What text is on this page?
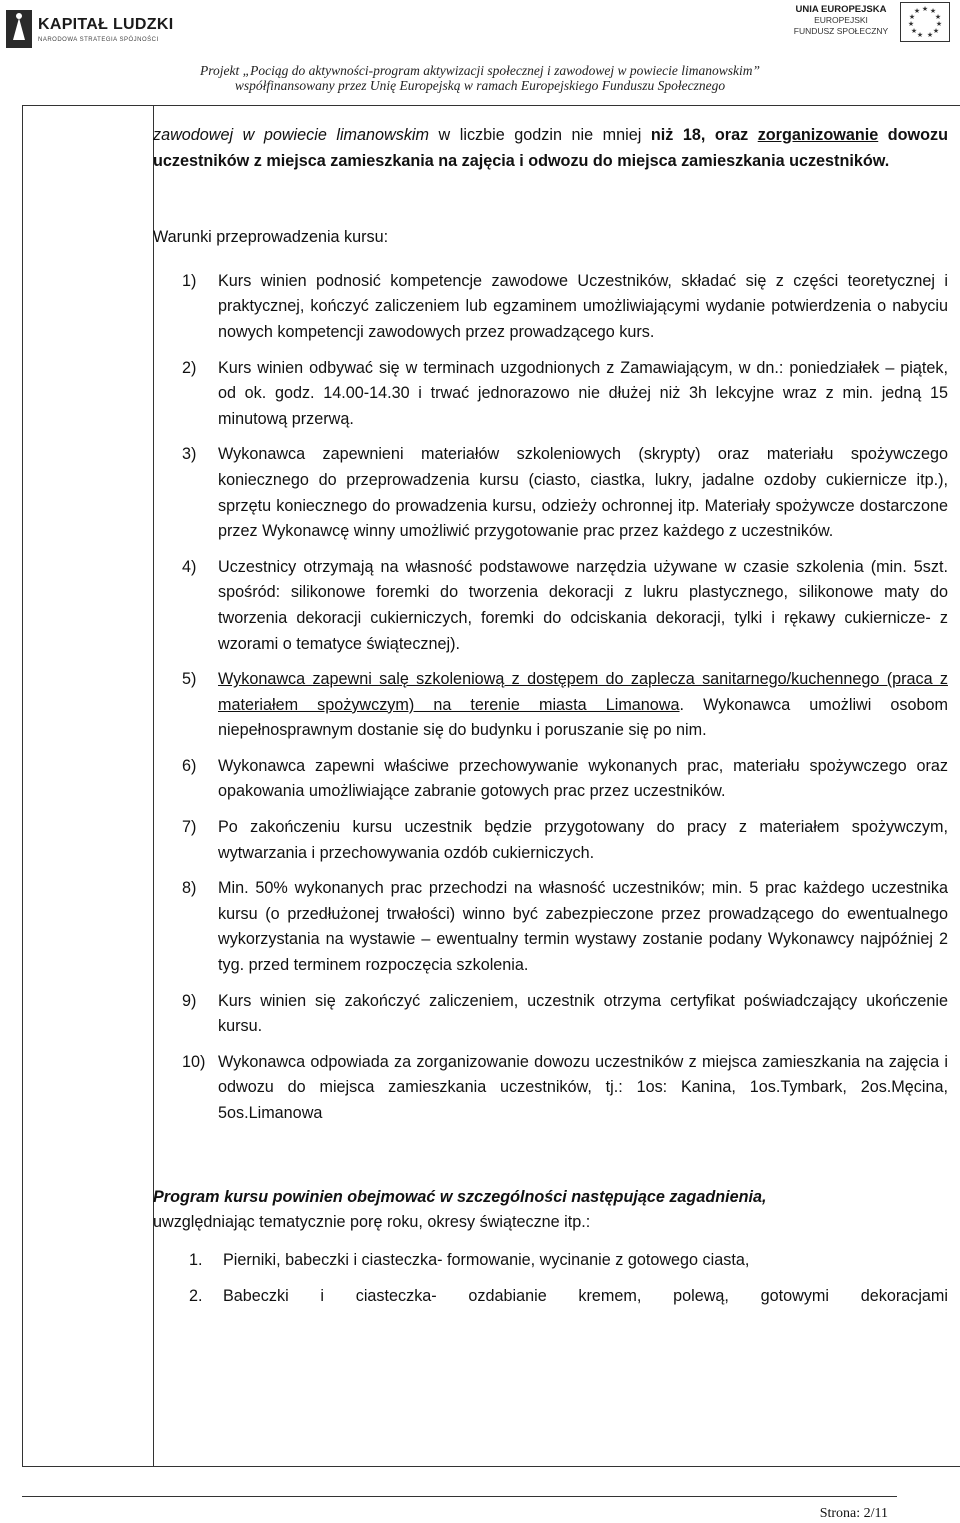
KAPITAŁ LUDZKI
NARODOWA STRATEGIA SPÓJNOŚCI
UNIA EUROPEJSKA
EUROPEJSKI
FUNDUSZ SPOŁECZNY
★ ★
★
★
★
★
★
★
★
★
★
Projekt „Pociąg do aktywności-program aktywizacji społecznej i zawodowej w powiecie limanowskim”
współfinansowany przez Unię Europejską w ramach Europejskiego Funduszu Społecznego

zawodowej w powiecie limanowskim w liczbie godzin nie mniej niż 18, oraz zorganizowanie dowozu uczestników z miejsca zamieszkania na zajęcia i odwozu do miejsca zamieszkania uczestników.

Warunki przeprowadzenia kursu:

1) Kurs winien podnosić kompetencje zawodowe Uczestników, składać się z części teoretycznej i praktycznej, kończyć zaliczeniem lub egzaminem umożliwiającymi wydanie potwierdzenia o nabyciu nowych kompetencji zawodowych przez prowadzącego kurs.
2) Kurs winien odbywać się w terminach uzgodnionych z Zamawiającym, w dn.: poniedziałek – piątek, od ok. godz. 14.00-14.30 i trwać jednorazowo nie dłużej niż 3h lekcyjne wraz z min. jedną 15 minutową przerwą.
3) Wykonawca zapewnieni materiałów szkoleniowych (skrypty) oraz materiału spożywczego koniecznego do przeprowadzenia kursu (ciasto, ciastka, lukry, jadalne ozdoby cukiernicze itp.), sprzętu koniecznego do prowadzenia kursu, odzieży ochronnej itp. Materiały spożywcze dostarczone przez Wykonawcę winny umożliwić przygotowanie prac przez każdego z uczestników.
4) Uczestnicy otrzymają na własność podstawowe narzędzia używane w czasie szkolenia (min. 5szt. spośród: silikonowe foremki do tworzenia dekoracji z lukru plastycznego, silikonowe maty do tworzenia dekoracji cukierniczych, foremki do odciskania dekoracji, tylki i rękawy cukiernicze- z wzorami o tematyce świątecznej).
5) Wykonawca zapewni salę szkoleniową z dostępem do zaplecza sanitarnego/kuchennego (praca z materiałem spożywczym) na terenie miasta Limanowa. Wykonawca umożliwi osobom niepełnosprawnym dostanie się do budynku i poruszanie się po nim.
6) Wykonawca zapewni właściwe przechowywanie wykonanych prac, materiału spożywczego oraz opakowania umożliwiające zabranie gotowych prac przez uczestników.
7) Po zakończeniu kursu uczestnik będzie przygotowany do pracy z materiałem spożywczym, wytwarzania i przechowywania ozdób cukierniczych.
8) Min. 50% wykonanych prac przechodzi na własność uczestników; min. 5 prac każdego uczestnika kursu (o przedłużonej trwałości) winno być zabezpieczone przez prowadzącego do ewentualnego wykorzystania na wystawie – ewentualny termin wystawy zostanie podany Wykonawcy najpóźniej 2 tyg. przed terminem rozpoczęcia szkolenia.
9) Kurs winien się zakończyć zaliczeniem, uczestnik otrzyma certyfikat poświadczający ukończenie kursu.
10) Wykonawca odpowiada za zorganizowanie dowozu uczestników z miejsca zamieszkania na zajęcia i odwozu do miejsca zamieszkania uczestników, tj.: 1os: Kanina, 1os.Tymbark, 2os.Męcina, 5os.Limanowa

Program kursu powinien obejmować w szczególności następujące zagadnienia,

uwzględniając tematycznie porę roku, okresy świąteczne itp.:

1. Pierniki, babeczki i ciasteczka- formowanie, wycinanie z gotowego ciasta,
2. Babeczki i ciasteczka- ozdabianie kremem, polewą, gotowymi dekoracjami
Strona: 2/11
